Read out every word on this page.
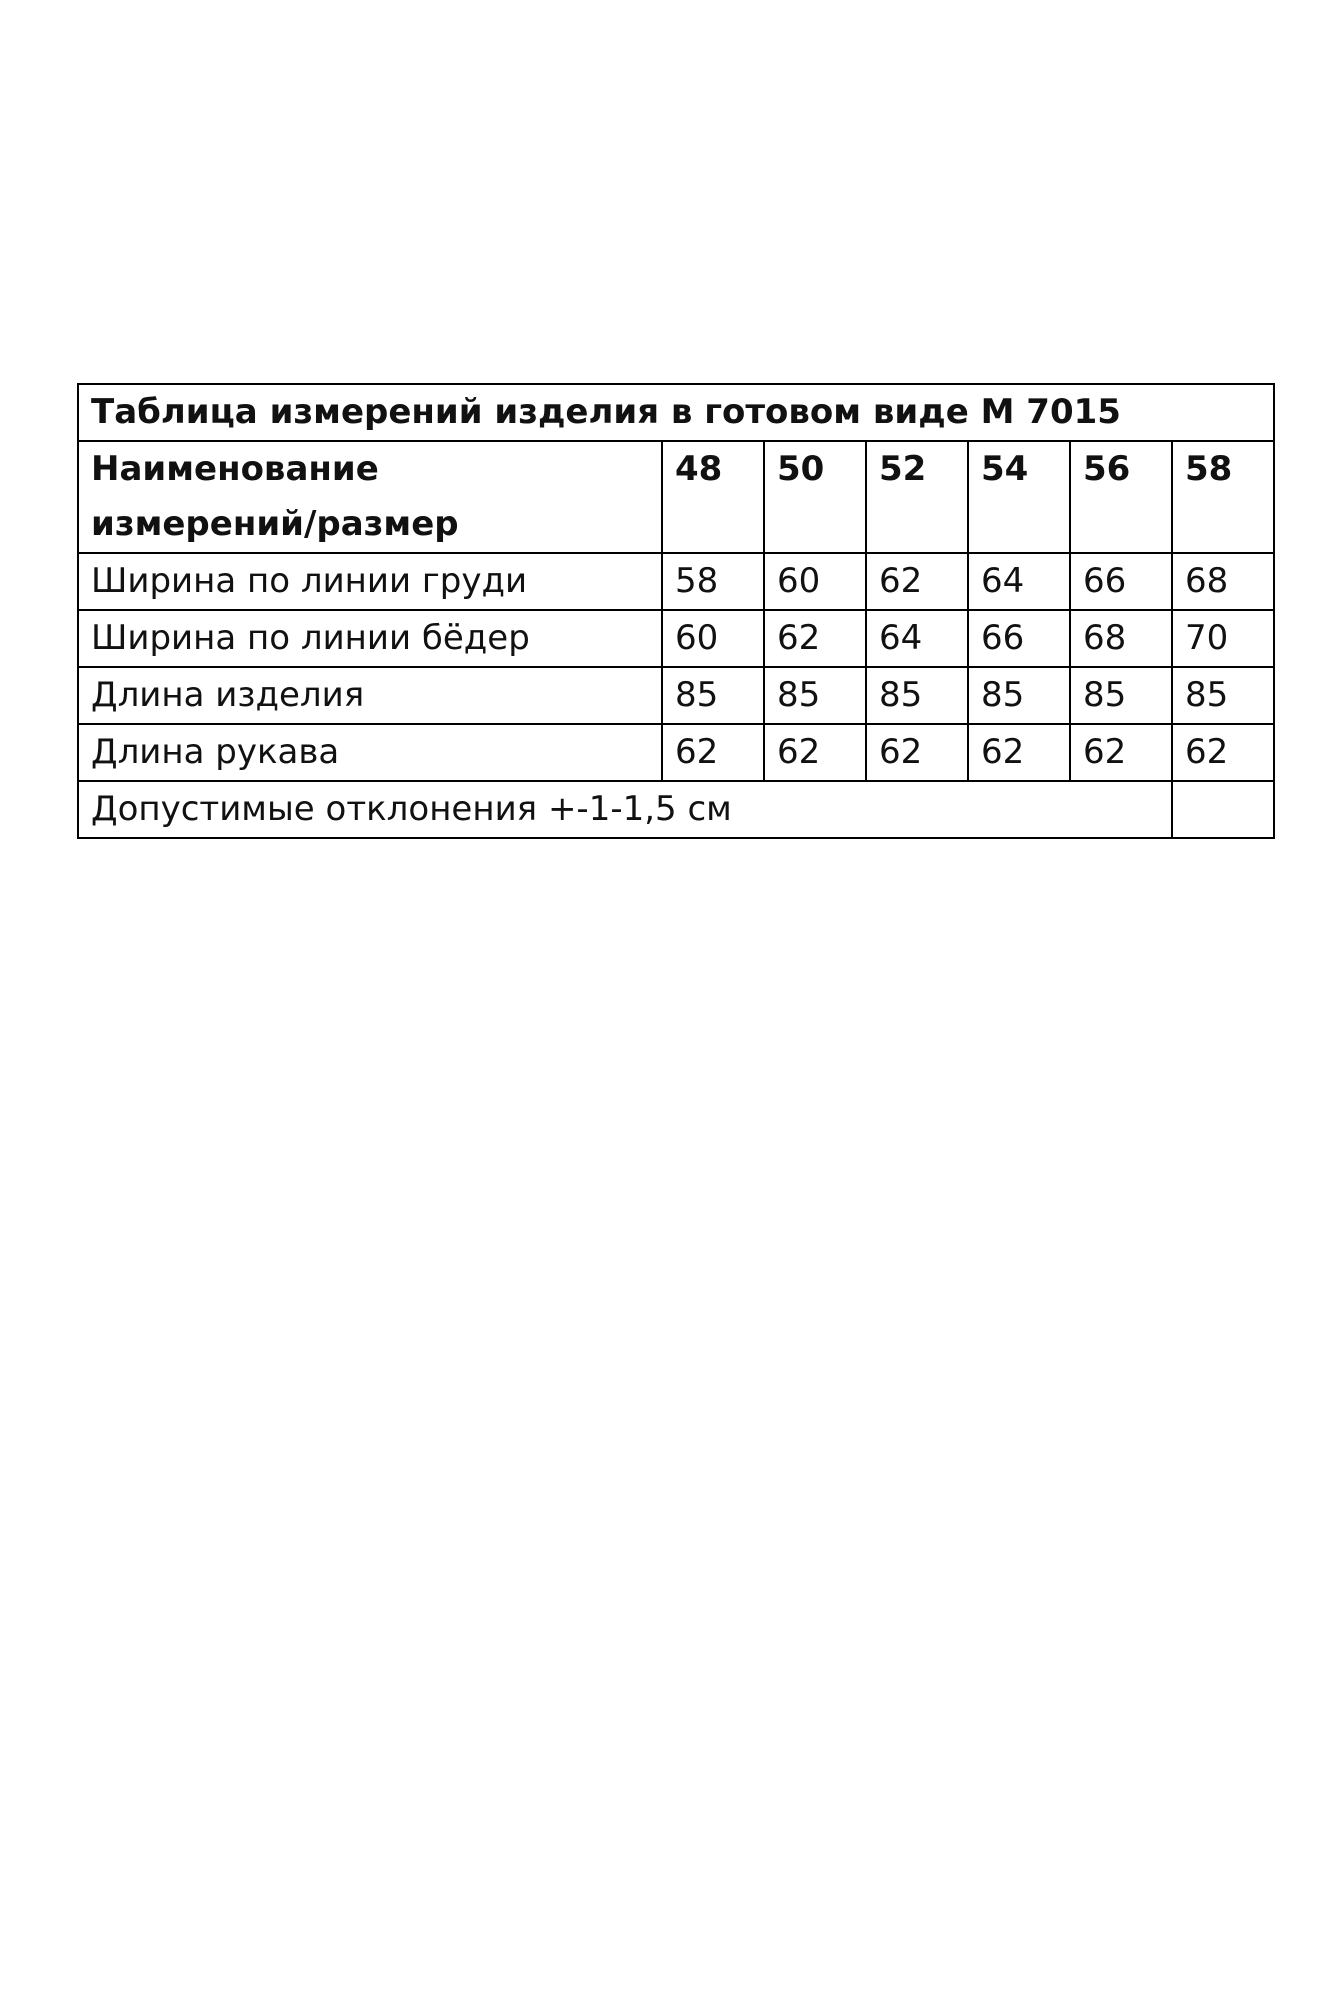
Таблица измерений изделия в готовом виде М 7015						
Наименование
измерений/размер	48	50	52	54	56	58
Ширина по линии груди	58	60	62	64	66	68
Ширина по линии бёдер	60	62	64	66	68	70
Длина изделия	85	85	85	85	85	85
Длина рукава	62	62	62	62	62	62
Допустимые отклонения +-1-1,5 см						
